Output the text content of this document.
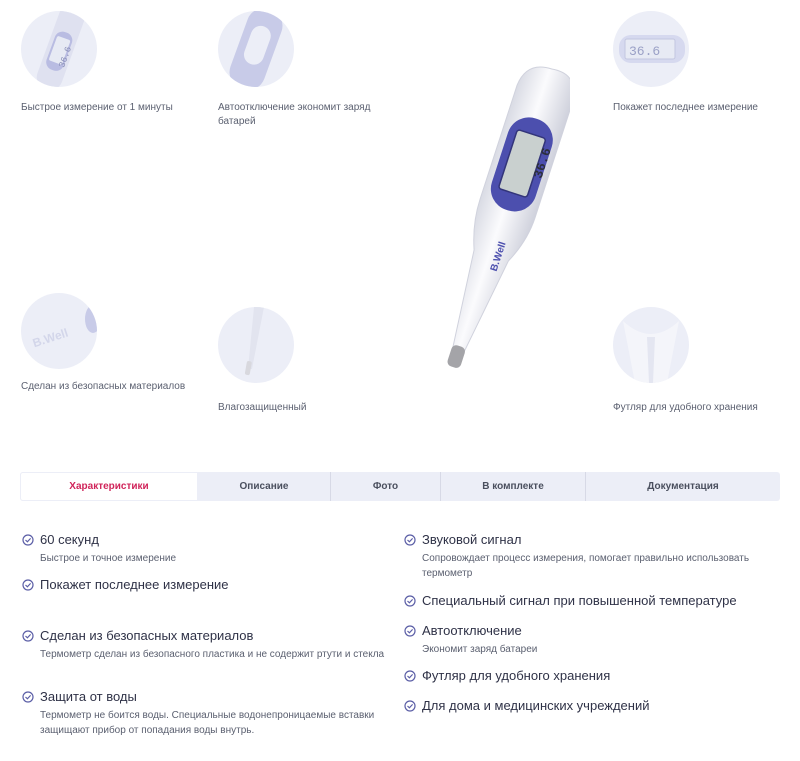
36.6
Быстрое измерение от 1 минуты	Автоотключение экономит заряд батарей
36.6
Покажет последнее измерение
B.Well
Сделан из безопасных материалов
Влагозащищенный	Футляр для удобного хранения
36.6
B.Well
Характеристики	Описание	Фото	В комплекте	Документация
60 секунд
Быстрое и точное измерение
Покажет последнее измерение
Сделан из безопасных материалов
Термометр сделан из безопасного пластика и не содержит ртути и стекла
Защита от воды
Термометр не боится воды. Специальные водонепроницаемые вставки защищают прибор от попадания воды внутрь.
Звуковой сигнал
Сопровождает процесс измерения, помогает правильно использовать термометр
Специальный сигнал при повышенной температуре
Автоотключение
Экономит заряд батареи
Футляр для удобного хранения
Для дома и медицинских учреждений
